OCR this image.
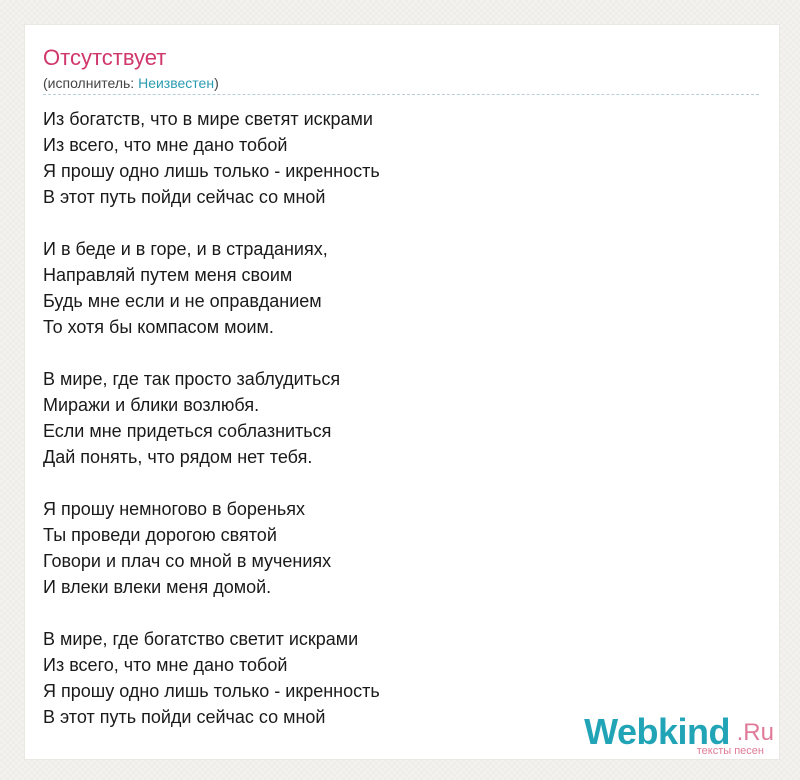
Отсутствует
(исполнитель: Неизвестен)
Из богатств, что в мире светят искрами
Из всего, что мне дано тобой
Я прошу одно лишь только - икренность
В этот путь пойди сейчас со мной
И в беде и в горе, и в страданиях,
Направляй путем меня своим
Будь мне если и не оправданием
То хотя бы компасом моим.
В мире, где так просто заблудиться
Миражи и блики возлюбя.
Если мне придеться соблазниться
Дай понять, что рядом нет тебя.
Я прошу немногово в бореньях
Ты проведи дорогою святой
Говори и плач со мной в мучениях
И влеки влеки меня домой.
В мире, где богатство светит искрами
Из всего, что мне дано тобой
Я прошу одно лишь только - икренность
В этот путь пойди сейчас со мной	Webkind .Ru
тексты песен
